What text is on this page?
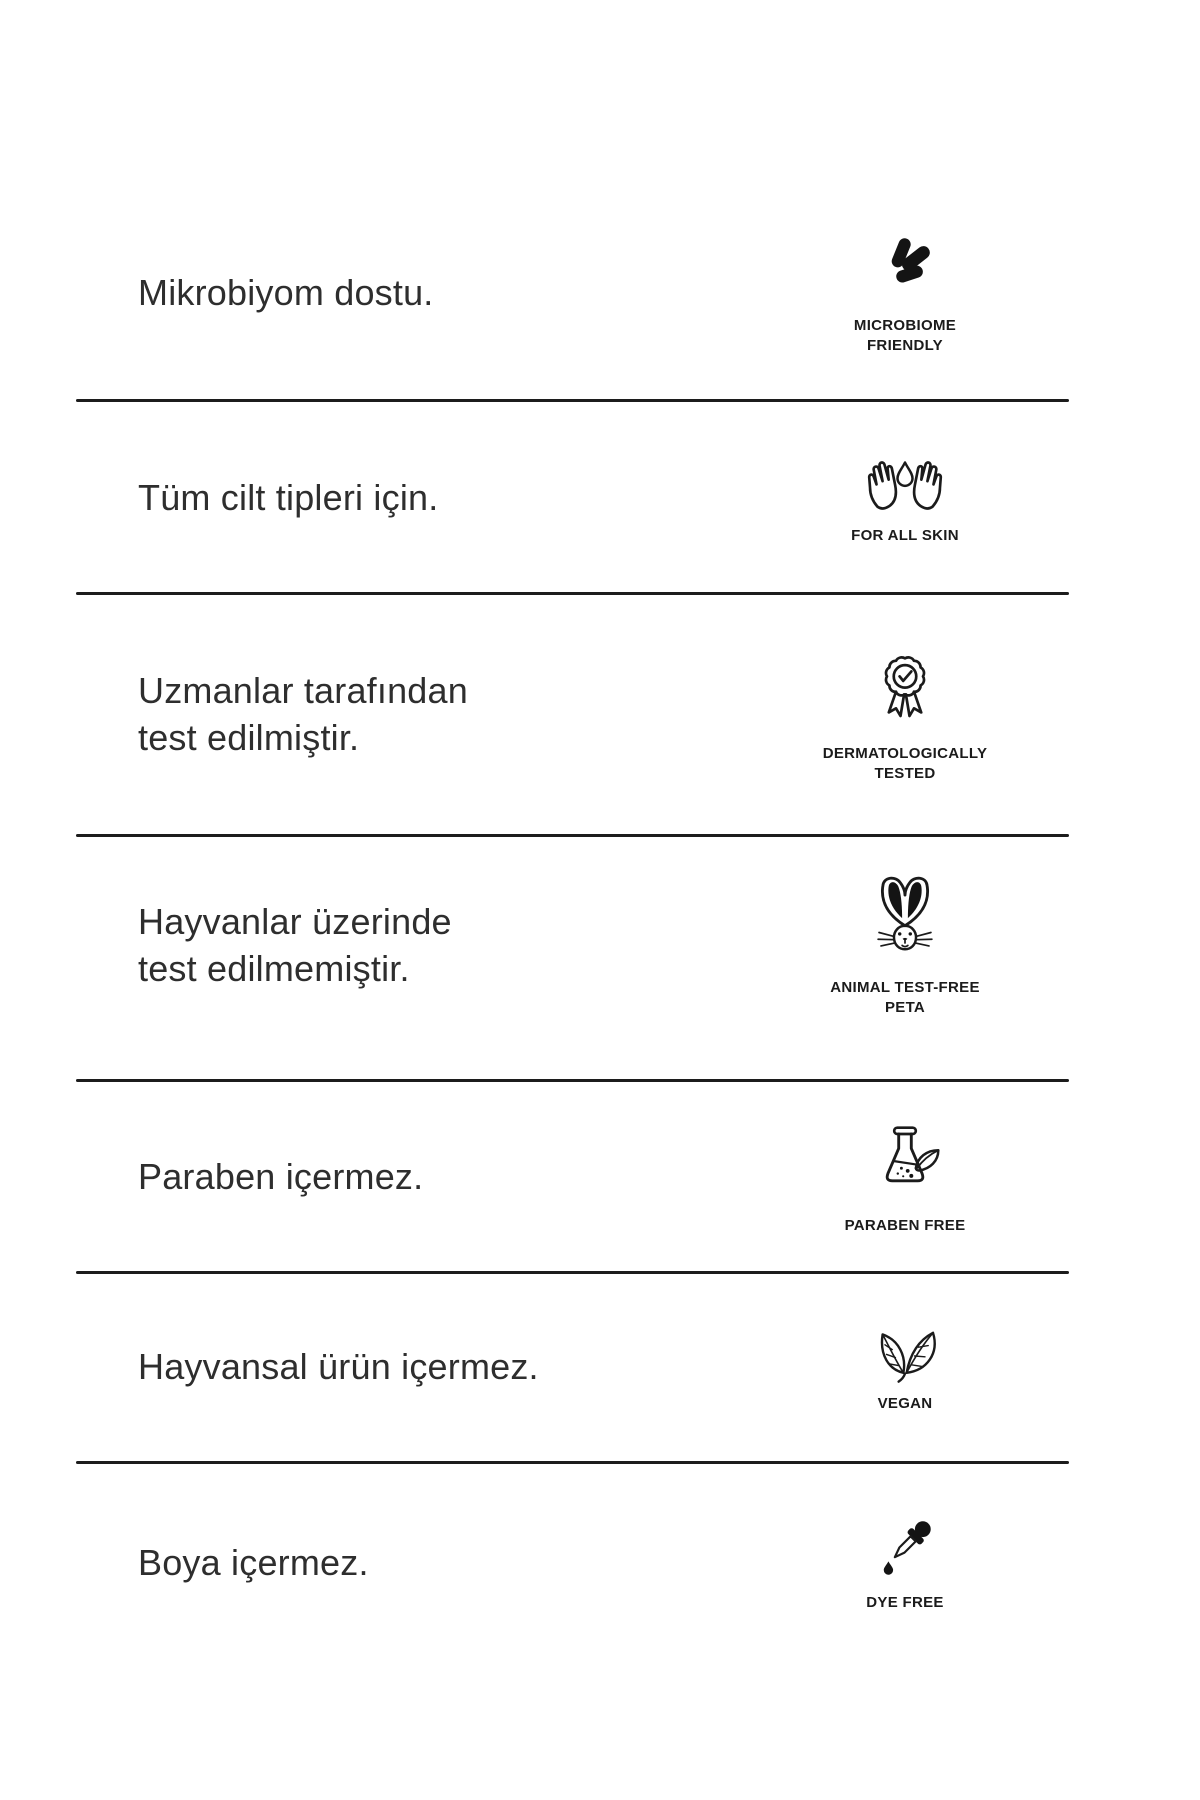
Mikrobiyom dostu.
MICROBIOME
FRIENDLY
Tüm cilt tipleri için.
FOR ALL SKIN
Uzmanlar tarafından
test edilmiştir.	DERMATOLOGICALLY
TESTED
Hayvanlar üzerinde
test edilmemiştir.	ANIMAL TEST-FREE
PETA
Paraben içermez.
PARABEN FREE
Hayvansal ürün içermez.
VEGAN
Boya içermez.
DYE FREE
